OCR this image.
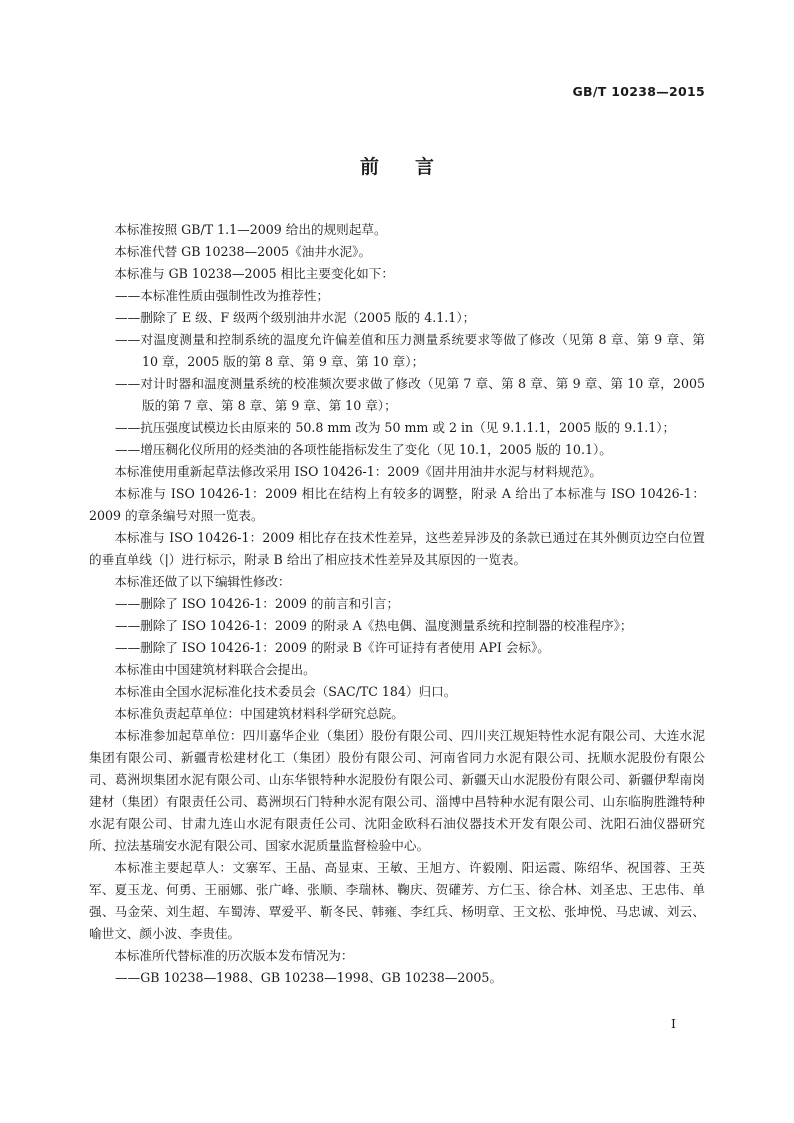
GB/T 10238—2015
前言

本标准按照 GB/T 1.1—2009 给出的规则起草。

本标准代替 GB 10238—2005《油井水泥》。

本标准与 GB 10238—2005 相比主要变化如下：

——本标准性质由强制性改为推荐性；

——删除了 E 级、F 级两个级别油井水泥（2005 版的 4.1.1）；

——对温度测量和控制系统的温度允许偏差值和压力测量系统要求等做了修改（见第 8 章、第 9 章、第 10 章，2005 版的第 8 章、第 9 章、第 10 章）；

——对计时器和温度测量系统的校准频次要求做了修改（见第 7 章、第 8 章、第 9 章、第 10 章，2005 版的第 7 章、第 8 章、第 9 章、第 10 章）；

——抗压强度试模边长由原来的 50.8 mm 改为 50 mm 或 2 in（见 9.1.1.1，2005 版的 9.1.1）；

——增压稠化仪所用的烃类油的各项性能指标发生了变化（见 10.1，2005 版的 10.1）。

本标准使用重新起草法修改采用 ISO 10426-1：2009《固井用油井水泥与材料规范》。

本标准与 ISO 10426-1：2009 相比在结构上有较多的调整，附录 A 给出了本标准与 ISO 10426-1：2009 的章条编号对照一览表。

本标准与 ISO 10426-1：2009 相比存在技术性差异，这些差异涉及的条款已通过在其外侧页边空白位置的垂直单线（|）进行标示，附录 B 给出了相应技术性差异及其原因的一览表。

本标准还做了以下编辑性修改：

——删除了 ISO 10426-1：2009 的前言和引言；

——删除了 ISO 10426-1：2009 的附录 A《热电偶、温度测量系统和控制器的校准程序》；

——删除了 ISO 10426-1：2009 的附录 B《许可证持有者使用 API 会标》。

本标准由中国建筑材料联合会提出。

本标准由全国水泥标准化技术委员会（SAC/TC 184）归口。

本标准负责起草单位：中国建筑材料科学研究总院。

本标准参加起草单位：四川嘉华企业（集团）股份有限公司、四川夹江规矩特性水泥有限公司、大连水泥集团有限公司、新疆青松建材化工（集团）股份有限公司、河南省同力水泥有限公司、抚顺水泥股份有限公司、葛洲坝集团水泥有限公司、山东华银特种水泥股份有限公司、新疆天山水泥股份有限公司、新疆伊犁南岗建材（集团）有限责任公司、葛洲坝石门特种水泥有限公司、淄博中昌特种水泥有限公司、山东临朐胜潍特种水泥有限公司、甘肃九连山水泥有限责任公司、沈阳金欧科石油仪器技术开发有限公司、沈阳石油仪器研究所、拉法基瑞安水泥有限公司、国家水泥质量监督检验中心。

本标准主要起草人：文寨军、王晶、高显束、王敏、王旭方、许毅刚、阳运霞、陈绍华、祝国蓉、王英军、夏玉龙、何勇、王丽娜、张广峰、张顺、李瑞林、鞠庆、贺礶芳、方仁玉、徐合林、刘圣忠、王忠伟、单强、马金荣、刘生超、车蜀涛、覃爱平、靳冬民、韩雍、李红兵、杨明章、王文松、张坤悦、马忠诚、刘云、喻世文、颜小波、李贵佳。

本标准所代替标准的历次版本发布情况为：

——GB 10238—1988、GB 10238—1998、GB 10238—2005。

I
